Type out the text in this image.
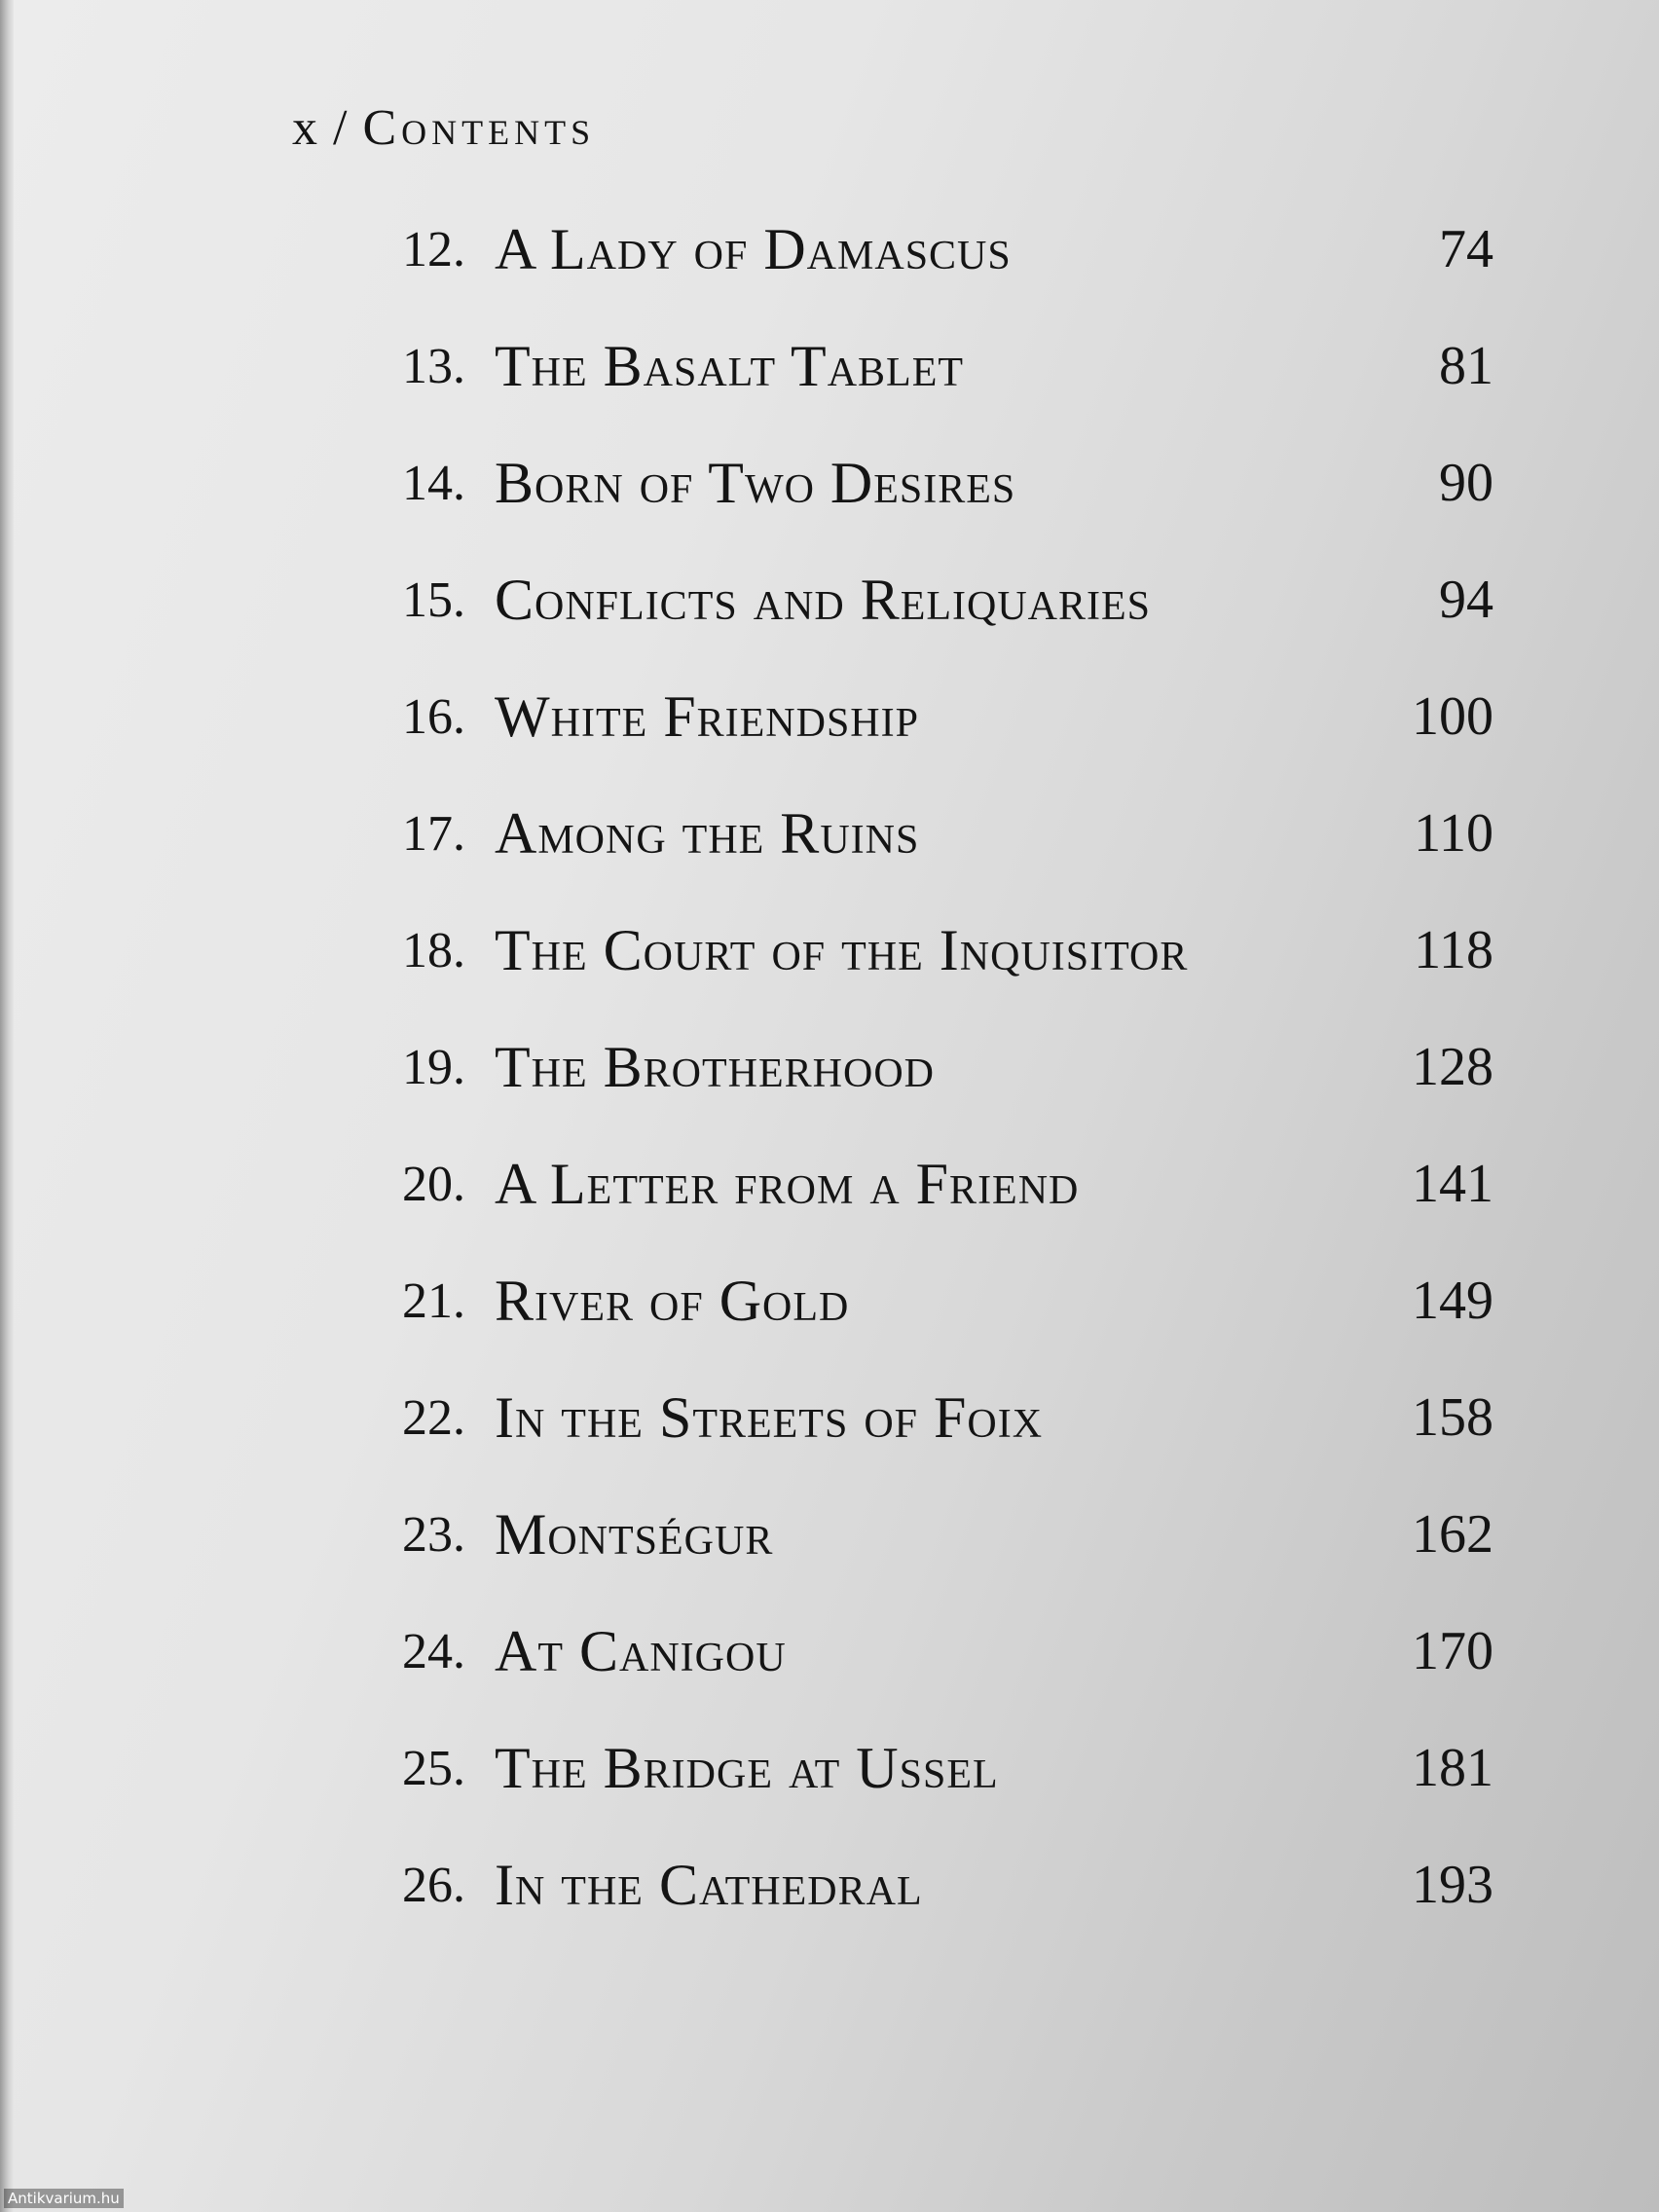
x / Contents
12. A Lady of Damascus	74
13. The Basalt Tablet	81
14. Born of Two Desires	90
15. Conflicts and Reliquaries	94
16. White Friendship	100
17. Among the Ruins	110
18. The Court of the Inquisitor	118
19. The Brotherhood	128
20. A Letter from a Friend	141
21. River of Gold	149
22. In the Streets of Foix	158
23. Montségur	162
24. At Canigou	170
25. The Bridge at Ussel	181
26. In the Cathedral	193
Antikvarium.hu
